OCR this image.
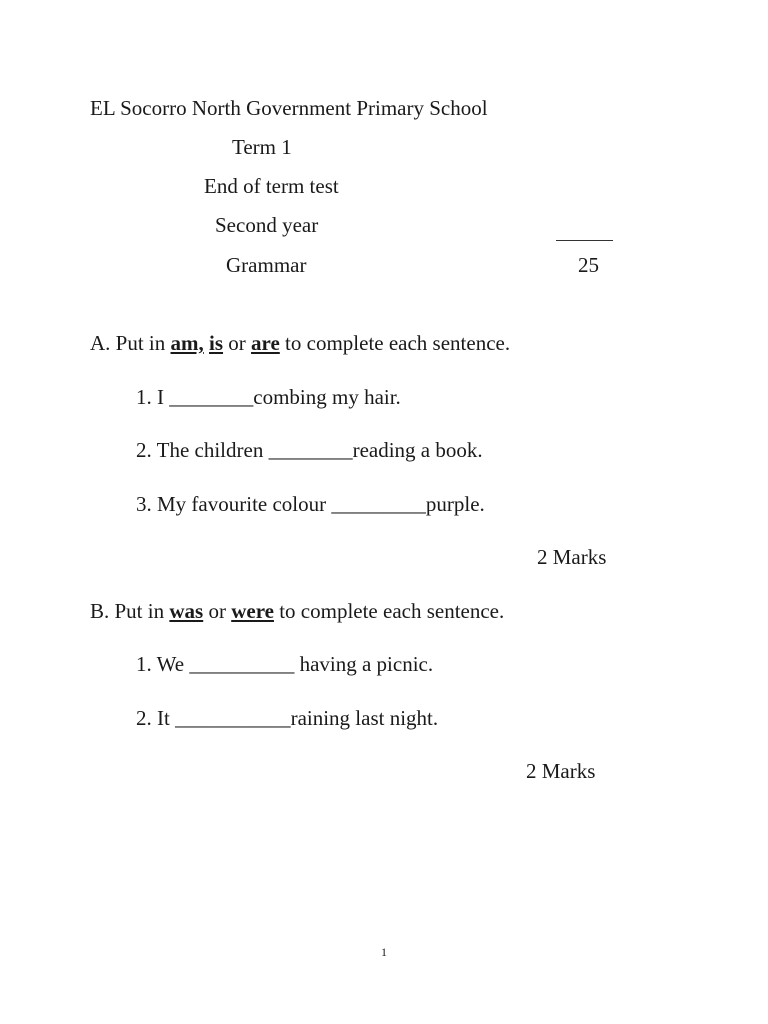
EL Socorro North Government Primary School
Term 1
End of term test
Second year
Grammar	25
A. Put in am, is or are to complete each sentence.
1. I ________combing my hair.
2. The children ________reading a book.
3. My favourite colour _________purple.
2 Marks
B. Put in was or were to complete each sentence.
1. We __________ having a picnic.
2. It ___________raining last night.
2 Marks
1
